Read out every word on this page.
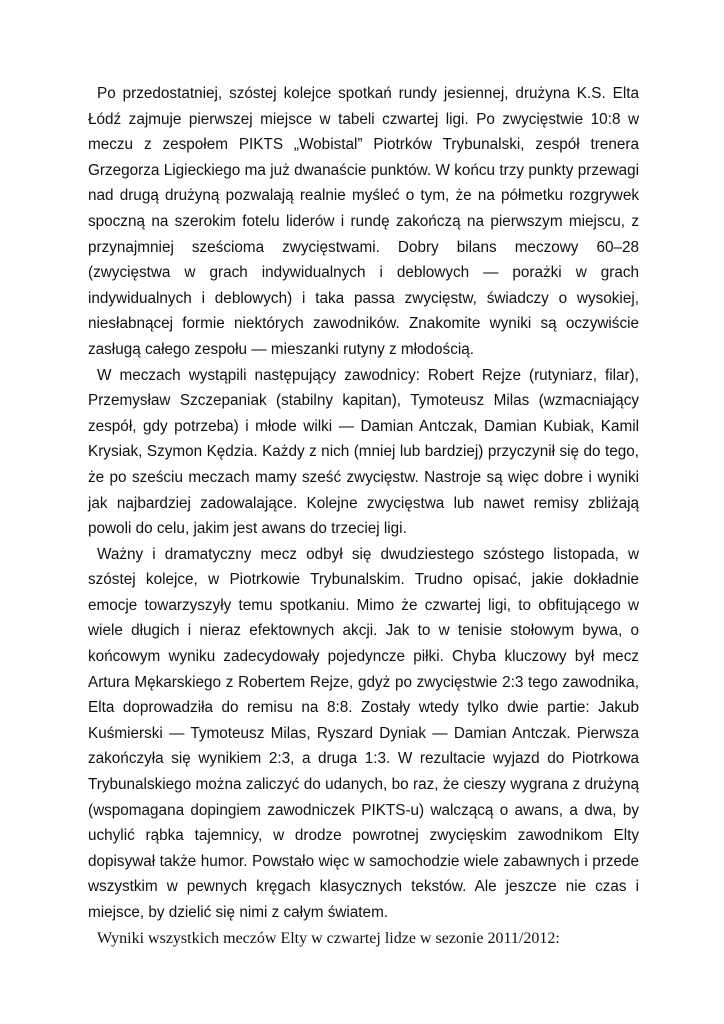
Po przedostatniej, szóstej kolejce spotkań rundy jesiennej, drużyna K.S. Elta Łódź zajmuje pierwszej miejsce w tabeli czwartej ligi. Po zwycięstwie 10:8 w meczu z zespołem PIKTS „Wobistal” Piotrków Trybunalski, zespół trenera Grzegorza Ligieckiego ma już dwanaście punktów. W końcu trzy punkty przewagi nad drugą drużyną pozwalają realnie myśleć o tym, że na półmetku rozgrywek spoczną na szerokim fotelu liderów i rundę zakończą na pierwszym miejscu, z przynajmniej sześcioma zwycięstwami. Dobry bilans meczowy 60–28 (zwycięstwa w grach indywidualnych i deblowych — porażki w grach indywidualnych i deblowych) i taka passa zwycięstw, świadczy o wysokiej, niesłabnącej formie niektórych zawodników. Znakomite wyniki są oczywiście zasługą całego zespołu — mieszanki rutyny z młodością.

W meczach wystąpili następujący zawodnicy: Robert Rejze (rutyniarz, filar), Przemysław Szczepaniak (stabilny kapitan), Tymoteusz Milas (wzmacniający zespół, gdy potrzeba) i młode wilki — Damian Antczak, Damian Kubiak, Kamil Krysiak, Szymon Kędzia. Każdy z nich (mniej lub bardziej) przyczynił się do tego, że po sześciu meczach mamy sześć zwycięstw. Nastroje są więc dobre i wyniki jak najbardziej zadowalające. Kolejne zwycięstwa lub nawet remisy zbliżają powoli do celu, jakim jest awans do trzeciej ligi.

Ważny i dramatyczny mecz odbył się dwudziestego szóstego listopada, w szóstej kolejce, w Piotrkowie Trybunalskim. Trudno opisać, jakie dokładnie emocje towarzyszyły temu spotkaniu. Mimo że czwartej ligi, to obfitującego w wiele długich i nieraz efektownych akcji. Jak to w tenisie stołowym bywa, o końcowym wyniku zadecydowały pojedyncze piłki. Chyba kluczowy był mecz Artura Mękarskiego z Robertem Rejze, gdyż po zwycięstwie 2:3 tego zawodnika, Elta doprowadziła do remisu na 8:8. Zostały wtedy tylko dwie partie: Jakub Kuśmierski — Tymoteusz Milas, Ryszard Dyniak — Damian Antczak. Pierwsza zakończyła się wynikiem 2:3, a druga 1:3. W rezultacie wyjazd do Piotrkowa Trybunalskiego można zaliczyć do udanych, bo raz, że cieszy wygrana z drużyną (wspomagana dopingiem zawodniczek PIKTS-u) walczącą o awans, a dwa, by uchylić rąbka tajemnicy, w drodze powrotnej zwycięskim zawodnikom Elty dopisywał także humor. Powstało więc w samochodzie wiele zabawnych i przede wszystkim w pewnych kręgach klasycznych tekstów. Ale jeszcze nie czas i miejsce, by dzielić się nimi z całym światem.

Wyniki wszystkich meczów Elty w czwartej lidze w sezonie 2011/2012:
